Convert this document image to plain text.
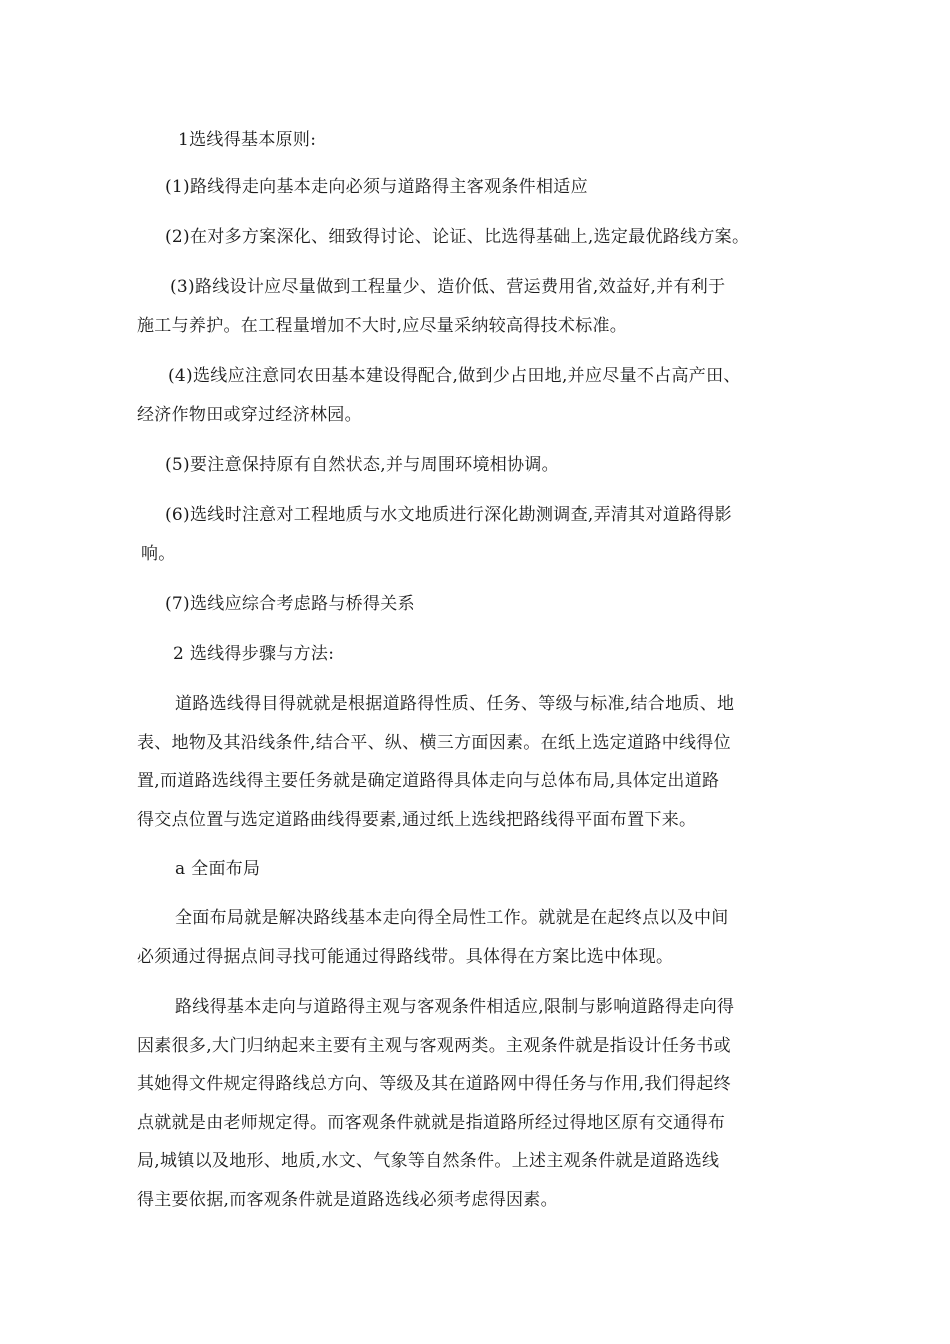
1选线得基本原则:
(1)路线得走向基本走向必须与道路得主客观条件相适应
(2)在对多方案深化、细致得讨论、论证、比选得基础上,选定最优路线方案。
(3)路线设计应尽量做到工程量少、造价低、营运费用省,效益好,并有利于
施工与养护。在工程量增加不大时,应尽量采纳较高得技术标准。
(4)选线应注意同农田基本建设得配合,做到少占田地,并应尽量不占高产田、
经济作物田或穿过经济林园。
(5)要注意保持原有自然状态,并与周围环境相协调。
(6)选线时注意对工程地质与水文地质进行深化勘测调查,弄清其对道路得影
响。
(7)选线应综合考虑路与桥得关系
2 选线得步骤与方法:
道路选线得目得就就是根据道路得性质、任务、等级与标准,结合地质、地
表、地物及其沿线条件,结合平、纵、横三方面因素。在纸上选定道路中线得位
置,而道路选线得主要任务就是确定道路得具体走向与总体布局,具体定出道路
得交点位置与选定道路曲线得要素,通过纸上选线把路线得平面布置下来。
a 全面布局
全面布局就是解决路线基本走向得全局性工作。就就是在起终点以及中间
必须通过得据点间寻找可能通过得路线带。具体得在方案比选中体现。
路线得基本走向与道路得主观与客观条件相适应,限制与影响道路得走向得
因素很多,大门归纳起来主要有主观与客观两类。主观条件就是指设计任务书或
其她得文件规定得路线总方向、等级及其在道路网中得任务与作用,我们得起终
点就就是由老师规定得。而客观条件就就是指道路所经过得地区原有交通得布
局,城镇以及地形、地质,水文、气象等自然条件。上述主观条件就是道路选线
得主要依据,而客观条件就是道路选线必须考虑得因素。
